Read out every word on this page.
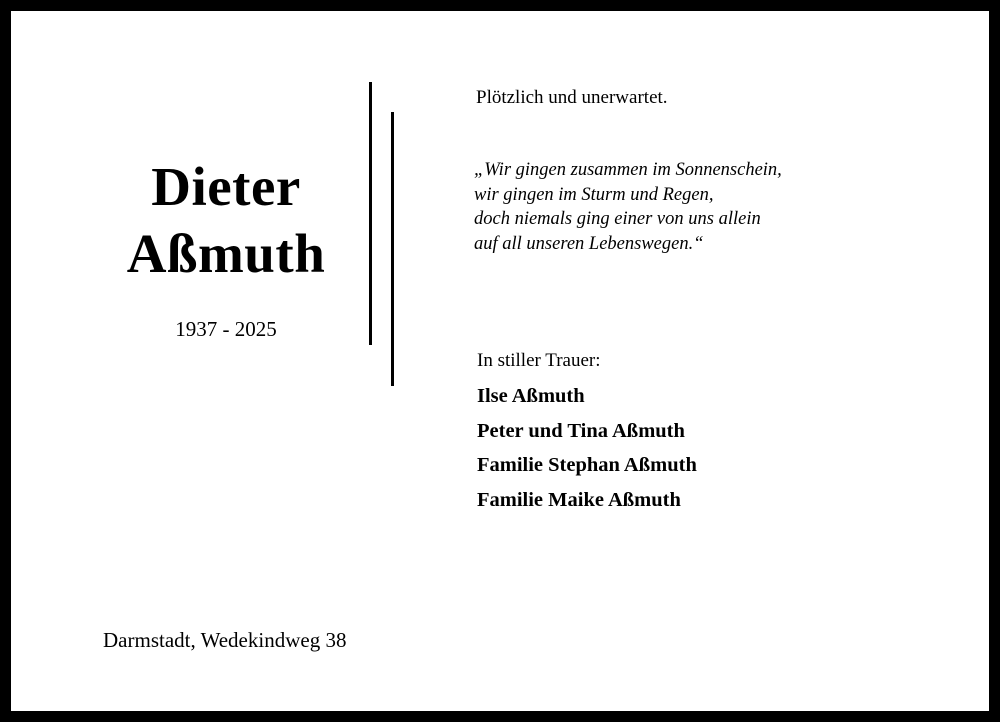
Dieter
Aßmuth
1937 - 2025
Plötzlich und unerwartet.
„Wir gingen zusammen im Sonnenschein,
wir gingen im Sturm und Regen,
doch niemals ging einer von uns allein
auf all unseren Lebenswegen.“
In stiller Trauer:
Ilse Aßmuth
Peter und Tina Aßmuth
Familie Stephan Aßmuth
Familie Maike Aßmuth
Darmstadt, Wedekindweg 38
